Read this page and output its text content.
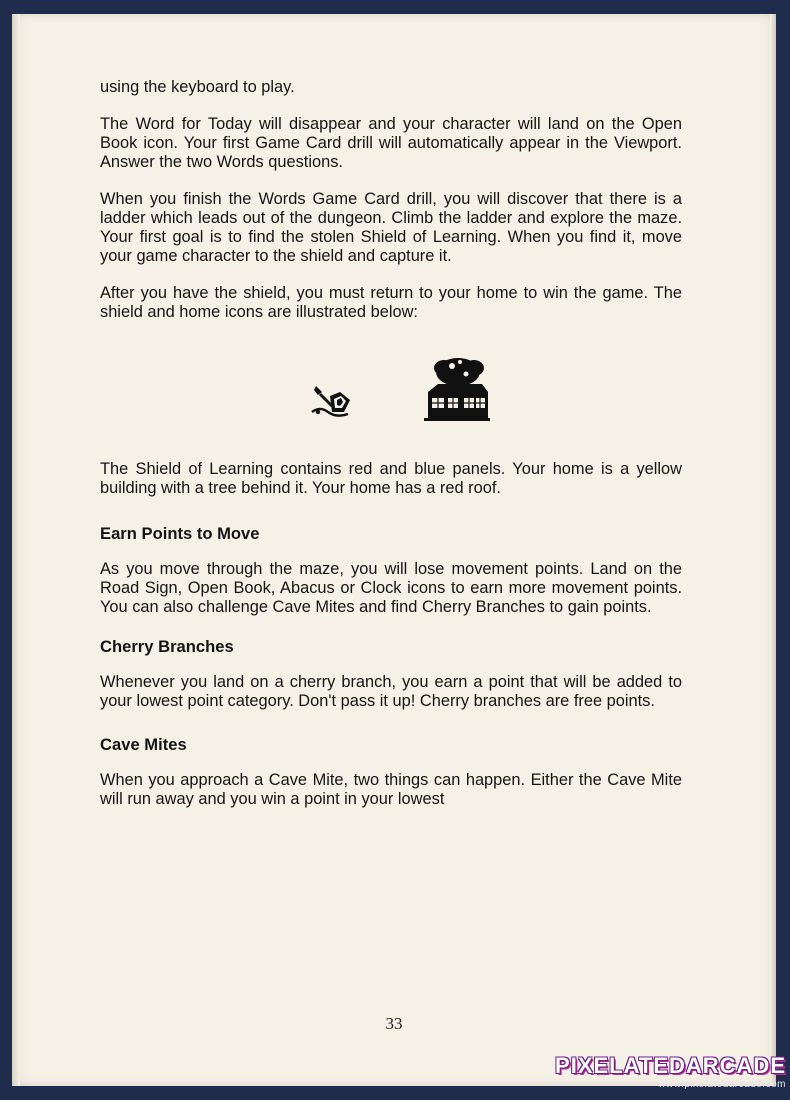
using the keyboard to play.

The Word for Today will disappear and your character will land on the Open Book icon. Your first Game Card drill will automatically appear in the Viewport. Answer the two Words questions.

When you finish the Words Game Card drill, you will discover that there is a ladder which leads out of the dungeon. Climb the ladder and explore the maze. Your first goal is to find the stolen Shield of Learning. When you find it, move your game character to the shield and capture it.

After you have the shield, you must return to your home to win the game. The shield and home icons are illustrated below:

The Shield of Learning contains red and blue panels. Your home is a yellow building with a tree behind it. Your home has a red roof.

Earn Points to Move

As you move through the maze, you will lose movement points. Land on the Road Sign, Open Book, Abacus or Clock icons to earn more movement points. You can also challenge Cave Mites and find Cherry Branches to gain points.

Cherry Branches

Whenever you land on a cherry branch, you earn a point that will be added to your lowest point category. Don't pass it up! Cherry branches are free points.

Cave Mites

When you approach a Cave Mite, two things can happen. Either the Cave Mite will run away and you win a point in your lowest

33
PIXELATEDARCADE
www.pixelatedarcade.com
